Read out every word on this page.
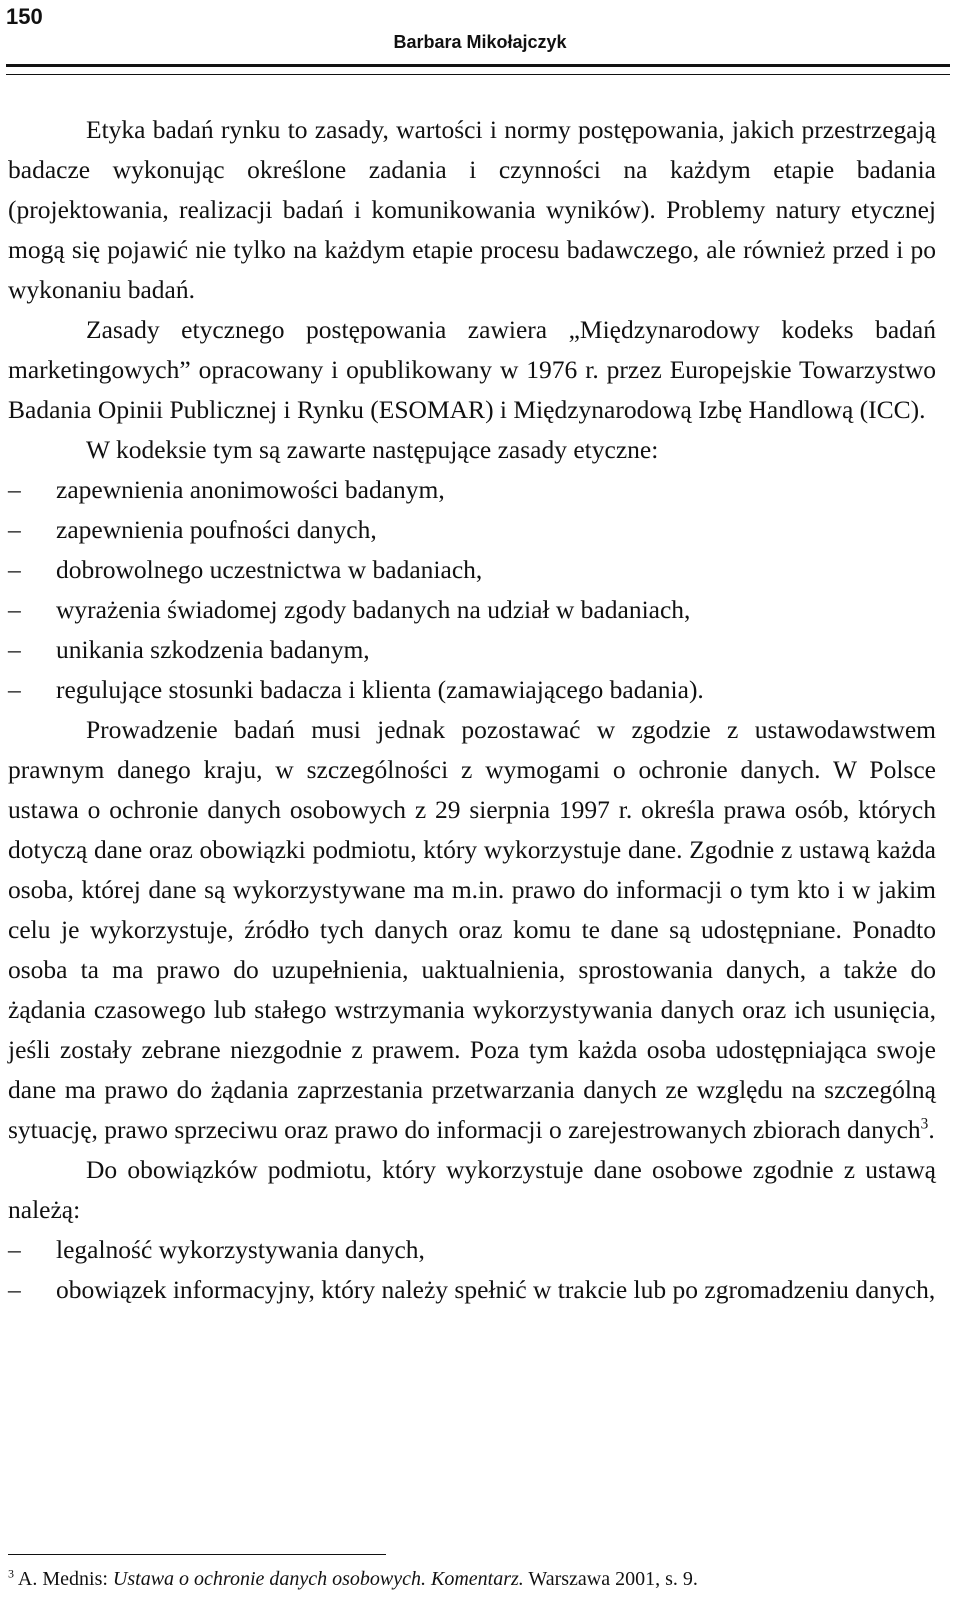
150
Barbara Mikołajczyk

Etyka badań rynku to zasady, wartości i normy postępowania, jakich przestrzegają badacze wykonując określone zadania i czynności na każdym etapie badania (projektowania, realizacji badań i komunikowania wyników). Problemy natury etycznej mogą się pojawić nie tylko na każdym etapie procesu badawczego, ale również przed i po wykonaniu badań.

Zasady etycznego postępowania zawiera „Międzynarodowy kodeks badań marketingowych” opracowany i opublikowany w 1976 r. przez Europejskie Towarzystwo Badania Opinii Publicznej i Rynku (ESOMAR) i Międzynarodową Izbę Handlową (ICC).

W kodeksie tym są zawarte następujące zasady etyczne:

– zapewnienia anonimowości badanym,
– zapewnienia poufności danych,
– dobrowolnego uczestnictwa w badaniach,
– wyrażenia świadomej zgody badanych na udział w badaniach,
– unikania szkodzenia badanym,
– regulujące stosunki badacza i klienta (zamawiającego badania).

Prowadzenie badań musi jednak pozostawać w zgodzie z ustawodawstwem prawnym danego kraju, w szczególności z wymogami o ochronie danych. W Polsce ustawa o ochronie danych osobowych z 29 sierpnia 1997 r. określa prawa osób, których dotyczą dane oraz obowiązki podmiotu, który wykorzystuje dane. Zgodnie z ustawą każda osoba, której dane są wykorzystywane ma m.in. prawo do informacji o tym kto i w jakim celu je wykorzystuje, źródło tych danych oraz komu te dane są udostępniane. Ponadto osoba ta ma prawo do uzupełnienia, uaktualnienia, sprostowania danych, a także do żądania czasowego lub stałego wstrzymania wykorzystywania danych oraz ich usunięcia, jeśli zostały zebrane niezgodnie z prawem. Poza tym każda osoba udostępniająca swoje dane ma prawo do żądania zaprzestania przetwarzania danych ze względu na szczególną sytuację, prawo sprzeciwu oraz prawo do informacji o zarejestrowanych zbiorach danych$^3$.

Do obowiązków podmiotu, który wykorzystuje dane osobowe zgodnie z ustawą należą:

– legalność wykorzystywania danych,
– obowiązek informacyjny, który należy spełnić w trakcie lub po zgromadzeniu danych,
$^3$ A. Mednis: Ustawa o ochronie danych osobowych. Komentarz. Warszawa 2001, s. 9.
